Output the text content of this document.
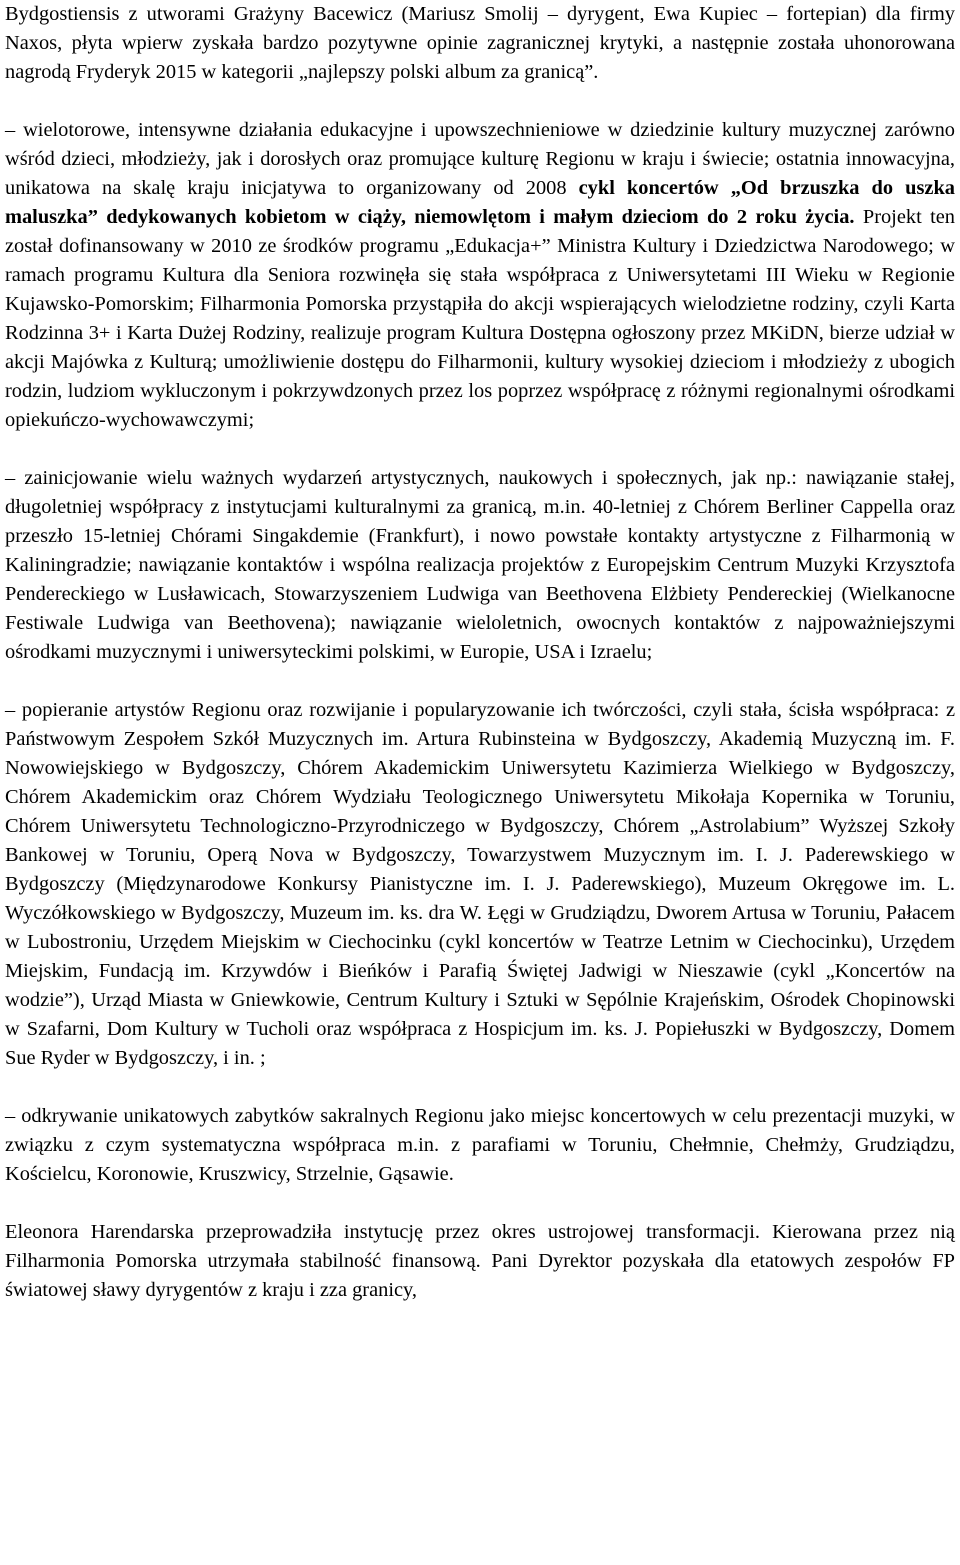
Bydgostiensis z utworami Grażyny Bacewicz (Mariusz Smolij – dyrygent, Ewa Kupiec – fortepian) dla firmy Naxos, płyta wpierw zyskała bardzo pozytywne opinie zagranicznej krytyki, a następnie została uhonorowana nagrodą Fryderyk 2015 w kategorii „najlepszy polski album za granicą”.

– wielotorowe, intensywne działania edukacyjne i upowszechnieniowe w dziedzinie kultury muzycznej zarówno wśród dzieci, młodzieży, jak i dorosłych oraz promujące kulturę Regionu w kraju i świecie; ostatnia innowacyjna, unikatowa na skalę kraju inicjatywa to organizowany od 2008 cykl koncertów „Od brzuszka do uszka maluszka” dedykowanych kobietom w ciąży, niemowlętom i małym dzieciom do 2 roku życia. Projekt ten został dofinansowany w 2010 ze środków programu „Edukacja+” Ministra Kultury i Dziedzictwa Narodowego; w ramach programu Kultura dla Seniora rozwinęła się stała współpraca z Uniwersytetami III Wieku w Regionie Kujawsko-Pomorskim; Filharmonia Pomorska przystąpiła do akcji wspierających wielodzietne rodziny, czyli Karta Rodzinna 3+ i Karta Dużej Rodziny, realizuje program Kultura Dostępna ogłoszony przez MKiDN, bierze udział w akcji Majówka z Kulturą; umożliwienie dostępu do Filharmonii, kultury wysokiej dzieciom i młodzieży z ubogich rodzin, ludziom wykluczonym i pokrzywdzonych przez los poprzez współpracę z różnymi regionalnymi ośrodkami opiekuńczo-wychowawczymi;

– zainicjowanie wielu ważnych wydarzeń artystycznych, naukowych i społecznych, jak np.: nawiązanie stałej, długoletniej współpracy z instytucjami kulturalnymi za granicą, m.in. 40-letniej z Chórem Berliner Cappella oraz przeszło 15-letniej Chórami Singakdemie (Frankfurt), i nowo powstałe kontakty artystyczne z Filharmonią w Kaliningradzie; nawiązanie kontaktów i wspólna realizacja projektów z Europejskim Centrum Muzyki Krzysztofa Pendereckiego w Lusławicach, Stowarzyszeniem Ludwiga van Beethovena Elżbiety Pendereckiej (Wielkanocne Festiwale Ludwiga van Beethovena); nawiązanie wieloletnich, owocnych kontaktów z najpoważniejszymi ośrodkami muzycznymi i uniwersyteckimi polskimi, w Europie, USA i Izraelu;

– popieranie artystów Regionu oraz rozwijanie i popularyzowanie ich twórczości, czyli stała, ścisła współpraca: z Państwowym Zespołem Szkół Muzycznych im. Artura Rubinsteina w Bydgoszczy, Akademią Muzyczną im. F. Nowowiejskiego w Bydgoszczy, Chórem Akademickim Uniwersytetu Kazimierza Wielkiego w Bydgoszczy, Chórem Akademickim oraz Chórem Wydziału Teologicznego Uniwersytetu Mikołaja Kopernika w Toruniu, Chórem Uniwersytetu Technologiczno-Przyrodniczego w Bydgoszczy, Chórem „Astrolabium” Wyższej Szkoły Bankowej w Toruniu, Operą Nova w Bydgoszczy, Towarzystwem Muzycznym im. I. J. Paderewskiego w Bydgoszczy (Międzynarodowe Konkursy Pianistyczne im. I. J. Paderewskiego), Muzeum Okręgowe im. L. Wyczółkowskiego w Bydgoszczy, Muzeum im. ks. dra W. Łęgi w Grudziądzu, Dworem Artusa w Toruniu, Pałacem w Lubostroniu, Urzędem Miejskim w Ciechocinku (cykl koncertów w Teatrze Letnim w Ciechocinku), Urzędem Miejskim, Fundacją im. Krzywdów i Bieńków i Parafią Świętej Jadwigi w Nieszawie (cykl „Koncertów na wodzie”), Urząd Miasta w Gniewkowie, Centrum Kultury i Sztuki w Sępólnie Krajeńskim, Ośrodek Chopinowski w Szafarni, Dom Kultury w Tucholi oraz współpraca z Hospicjum im. ks. J. Popiełuszki w Bydgoszczy, Domem Sue Ryder w Bydgoszczy, i in. ;

– odkrywanie unikatowych zabytków sakralnych Regionu jako miejsc koncertowych w celu prezentacji muzyki, w związku z czym systematyczna współpraca m.in. z parafiami w Toruniu, Chełmnie, Chełmży, Grudziądzu, Kościelcu, Koronowie, Kruszwicy, Strzelnie, Gąsawie.

Eleonora Harendarska przeprowadziła instytucję przez okres ustrojowej transformacji. Kierowana przez nią Filharmonia Pomorska utrzymała stabilność finansową. Pani Dyrektor pozyskała dla etatowych zespołów FP światowej sławy dyrygentów z kraju i zza granicy,
